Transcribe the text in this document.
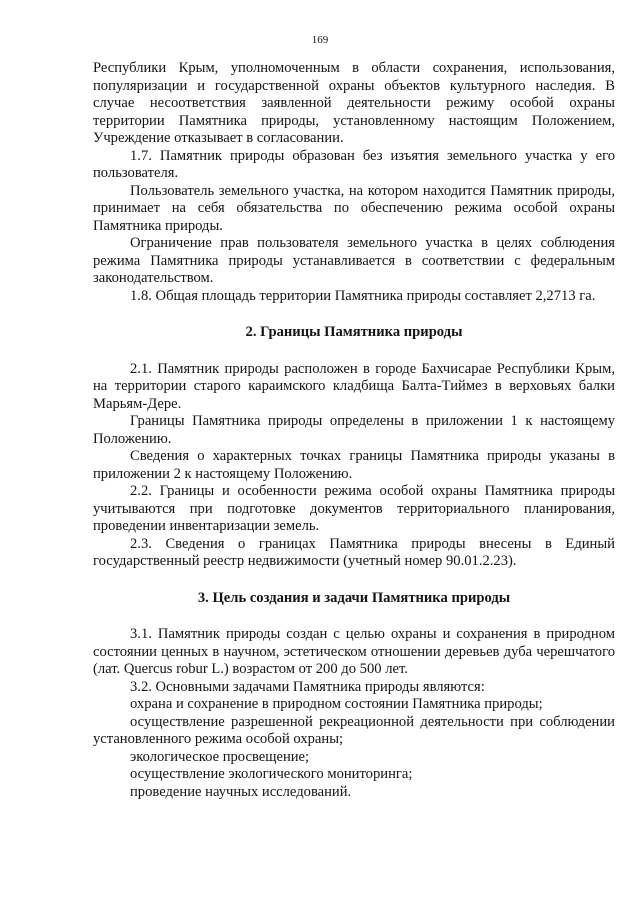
169

Республики Крым, уполномоченным в области сохранения, использования, популяризации и государственной охраны объектов культурного наследия. В случае несоответствия заявленной деятельности режиму особой охраны территории Памятника природы, установленному настоящим Положением, Учреждение отказывает в согласовании.

1.7. Памятник природы образован без изъятия земельного участка у его пользователя.

Пользователь земельного участка, на котором находится Памятник природы, принимает на себя обязательства по обеспечению режима особой охраны Памятника природы.

Ограничение прав пользователя земельного участка в целях соблюдения режима Памятника природы устанавливается в соответствии с федеральным законодательством.

1.8. Общая площадь территории Памятника природы составляет 2,2713 га.

2. Границы Памятника природы

2.1. Памятник природы расположен в городе Бахчисарае Республики Крым, на территории старого караимского кладбища Балта-Тиймез в верховьях балки Марьям-Дере.

Границы Памятника природы определены в приложении 1 к настоящему Положению.

Сведения о характерных точках границы Памятника природы указаны в приложении 2 к настоящему Положению.

2.2. Границы и особенности режима особой охраны Памятника природы учитываются при подготовке документов территориального планирования, проведении инвентаризации земель.

2.3. Сведения о границах Памятника природы внесены в Единый государственный реестр недвижимости (учетный номер 90.01.2.23).

3. Цель создания и задачи Памятника природы

3.1. Памятник природы создан с целью охраны и сохранения в природном состоянии ценных в научном, эстетическом отношении деревьев дуба черешчатого (лат. Quercus robur L.) возрастом от 200 до 500 лет.

3.2. Основными задачами Памятника природы являются:

охрана и сохранение в природном состоянии Памятника природы;

осуществление разрешенной рекреационной деятельности при соблюдении установленного режима особой охраны;

экологическое просвещение;

осуществление экологического мониторинга;

проведение научных исследований.
